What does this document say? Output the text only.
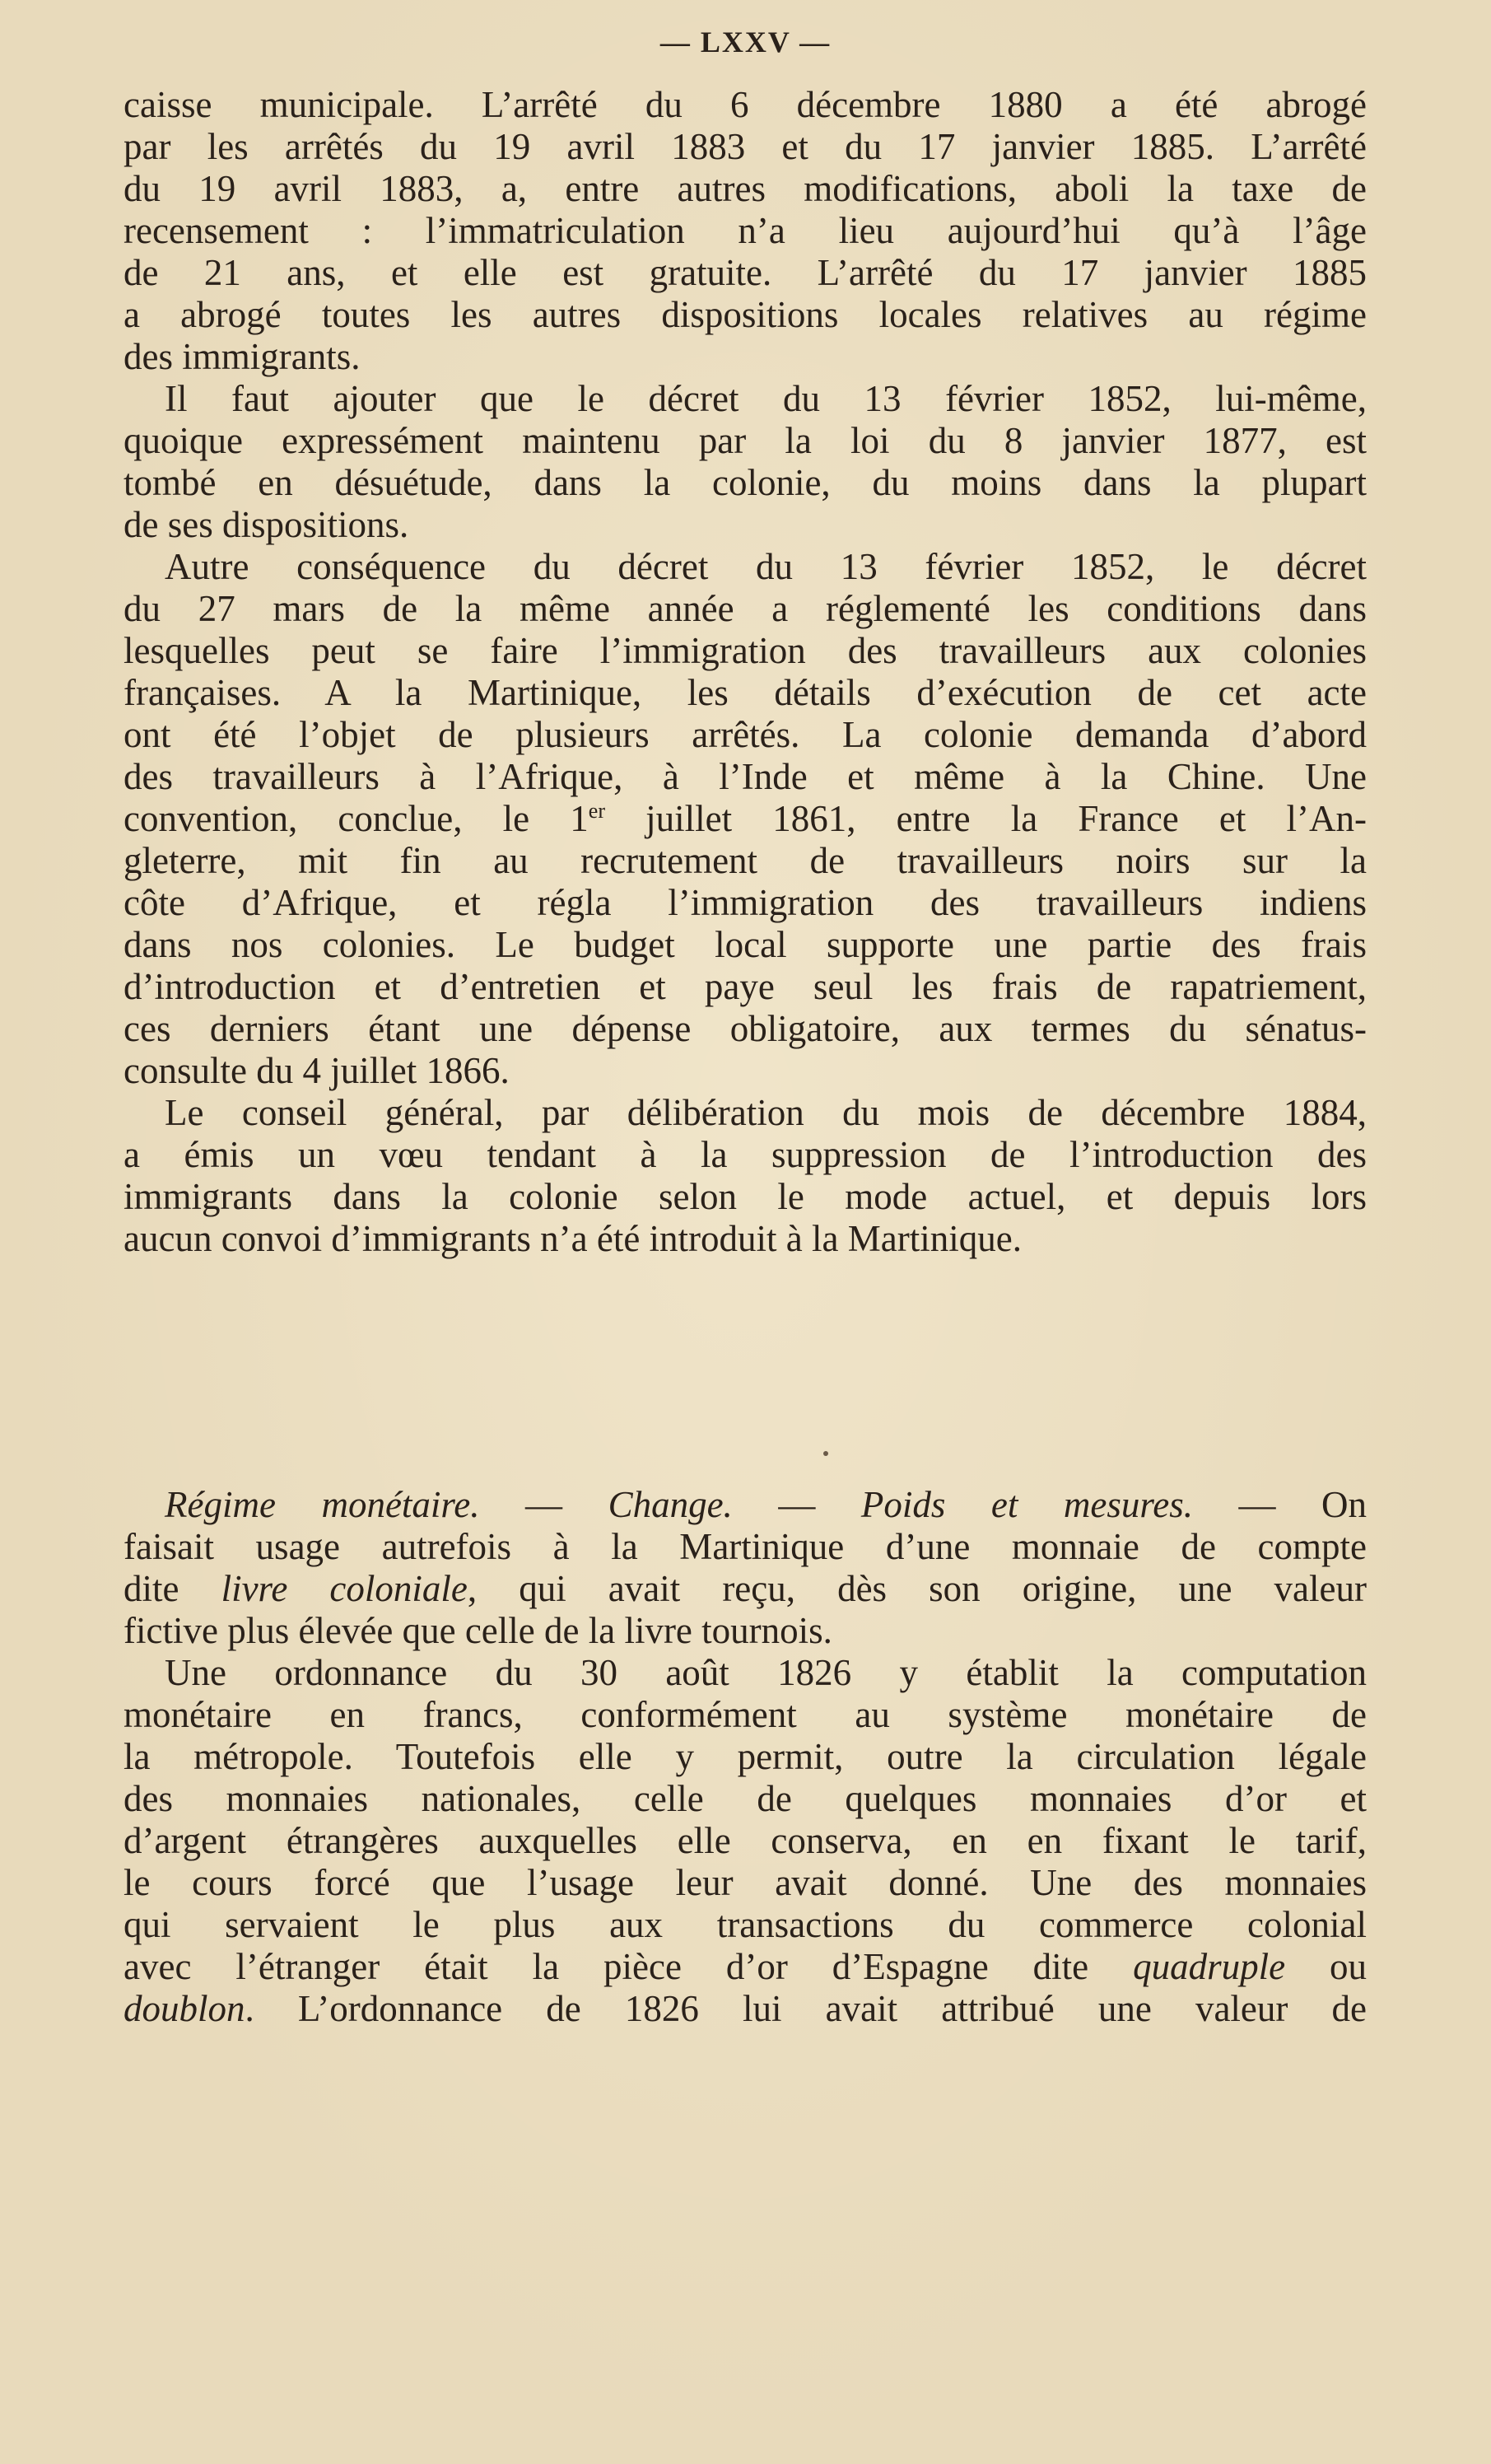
— LXXV —
caisse municipale. L’arrêté du 6 décembre 1880 a été abrogé
par les arrêtés du 19 avril 1883 et du 17 janvier 1885. L’arrêté
du 19 avril 1883, a, entre autres modifications, aboli la taxe de
recensement : l’immatriculation n’a lieu aujourd’hui qu’à l’âge
de 21 ans, et elle est gratuite. L’arrêté du 17 janvier 1885
a abrogé toutes les autres dispositions locales relatives au régime
des immigrants.
Il faut ajouter que le décret du 13 février 1852, lui-même,
quoique expressément maintenu par la loi du 8 janvier 1877, est
tombé en désuétude, dans la colonie, du moins dans la plupart
de ses dispositions.
Autre conséquence du décret du 13 février 1852, le décret
du 27 mars de la même année a réglementé les conditions dans
lesquelles peut se faire l’immigration des travailleurs aux colonies
françaises. A la Martinique, les détails d’exécution de cet acte
ont été l’objet de plusieurs arrêtés. La colonie demanda d’abord
des travailleurs à l’Afrique, à l’Inde et même à la Chine. Une
convention, conclue, le 1er juillet 1861, entre la France et l’An-
gleterre, mit fin au recrutement de travailleurs noirs sur la
côte d’Afrique, et régla l’immigration des travailleurs indiens
dans nos colonies. Le budget local supporte une partie des frais
d’introduction et d’entretien et paye seul les frais de rapatriement,
ces derniers étant une dépense obligatoire, aux termes du sénatus-
consulte du 4 juillet 1866.
Le conseil général, par délibération du mois de décembre 1884,
a émis un vœu tendant à la suppression de l’introduction des
immigrants dans la colonie selon le mode actuel, et depuis lors
aucun convoi d’immigrants n’a été introduit à la Martinique.
Régime monétaire. — Change. — Poids et mesures. — On
faisait usage autrefois à la Martinique d’une monnaie de compte
dite livre coloniale, qui avait reçu, dès son origine, une valeur
fictive plus élevée que celle de la livre tournois.
Une ordonnance du 30 août 1826 y établit la computation
monétaire en francs, conformément au système monétaire de
la métropole. Toutefois elle y permit, outre la circulation légale
des monnaies nationales, celle de quelques monnaies d’or et
d’argent étrangères auxquelles elle conserva, en en fixant le tarif,
le cours forcé que l’usage leur avait donné. Une des monnaies
qui servaient le plus aux transactions du commerce colonial
avec l’étranger était la pièce d’or d’Espagne dite quadruple ou
doublon. L’ordonnance de 1826 lui avait attribué une valeur de
